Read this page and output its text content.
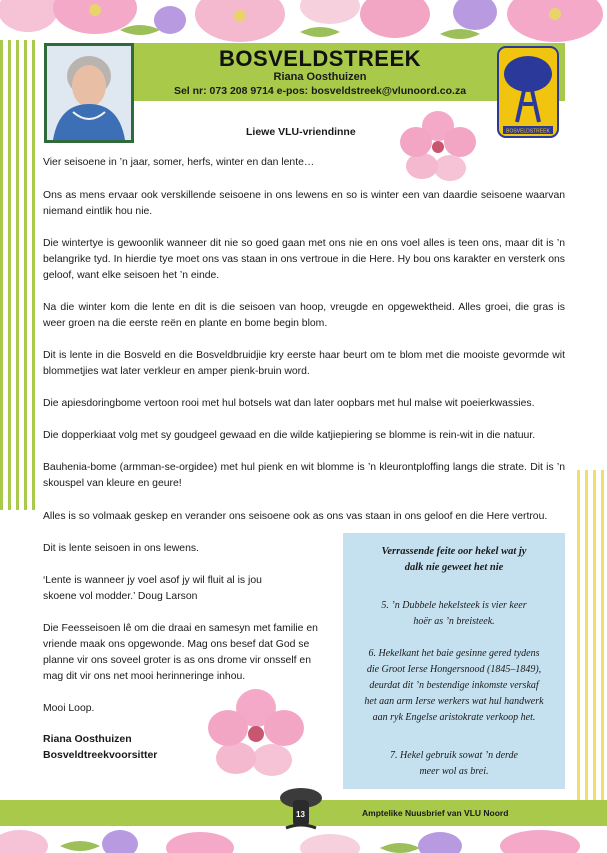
BOSVELDSTREEK
Riana Oosthuizen
Sel nr: 073 208 9714 e-pos: bosveldstreek@vlunoord.co.za
BOSVELDSTREEK
Liewe VLU-vriendinne
Vier seisoene in ’n jaar, somer, herfs, winter en dan lente…
Ons as mens ervaar ook verskillende seisoene in ons lewens en so is winter een van daardie seisoene waarvan niemand eintlik hou nie.
Die wintertye is gewoonlik wanneer dit nie so goed gaan met ons nie en ons voel alles is teen ons, maar dit is ’n belangrike tyd. In hierdie tye moet ons vas staan in ons vertroue in die Here. Hy bou ons karakter en versterk ons geloof, want elke seisoen het ’n einde.
Na die winter kom die lente en dit is die seisoen van hoop, vreugde en opgewektheid. Alles groei, die gras is weer groen na die eerste reën en plante en bome begin blom.
Dit is lente in die Bosveld en die Bosveldbruidjie kry eerste haar beurt om te blom met die mooiste gevormde wit blommetjies wat later verkleur en amper pienk-bruin word.
Die apiesdoringbome vertoon rooi met hul botsels wat dan later oopbars met hul malse wit poeierkwassies.
Die dopperkiaat volg met sy goudgeel gewaad en die wilde katjiepiering se blomme is rein-wit in die natuur.
Bauhenia-bome (armman-se-orgidee) met hul pienk en wit blomme is ’n kleurontploffing langs die strate. Dit is ’n skouspel van kleure en geure!
Alles is so volmaak geskep en verander ons seisoene ook as ons vas staan in ons geloof en die Here vertrou.
Dit is lente seisoen in ons lewens.
‘Lente is wanneer jy voel asof jy wil fluit al is jou skoene vol modder.’ Doug Larson
Die Feesseisoen lê om die draai en samesyn met familie en vriende maak ons opgewonde. Mag ons besef dat God se planne vir ons soveel groter is as ons drome vir onsself en mag dit vir ons net mooi herinneringe inhou.
Mooi Loop.
Riana Oosthuizen
Bosveldtreekvoorsitter
Verrassende feite oor hekel wat jy
dalk nie geweet het nie
5. ’n Dubbele hekelsteek is vier keer
hoër as ’n breisteek.
6. Hekelkant het baie gesinne gered tydens
die Groot Ierse Hongersnood (1845–1849),
deurdat dit ’n bestendige inkomste verskaf
het aan arm Ierse werkers wat hul handwerk
aan ryk Engelse aristokrate verkoop het.
7. Hekel gebruik sowat ’n derde
meer wol as brei.
13	Amptelike Nuusbrief van VLU Noord
